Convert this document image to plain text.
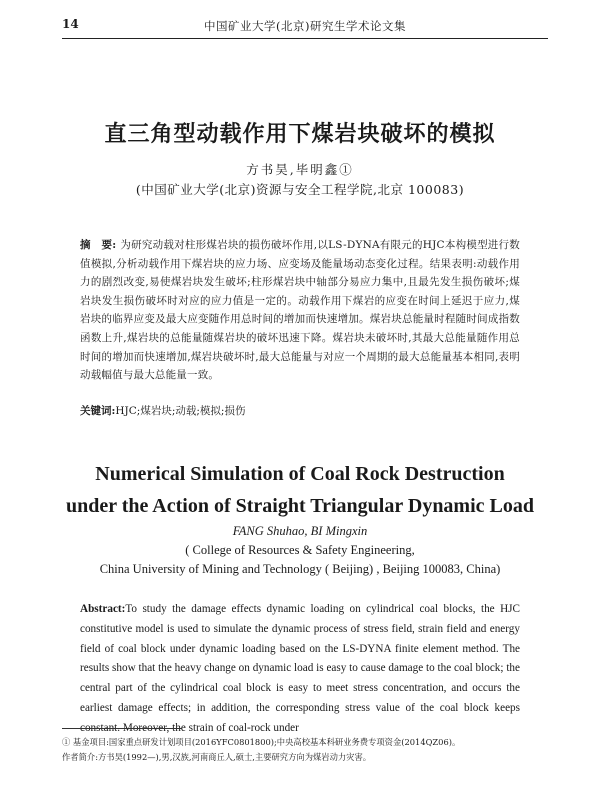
14	中国矿业大学(北京)研究生学术论文集
直三角型动载作用下煤岩块破坏的模拟
方书昊,毕明鑫①
(中国矿业大学(北京)资源与安全工程学院,北京 100083)
摘　要: 为研究动载对柱形煤岩块的损伤破坏作用,以LS-DYNA有限元的HJC本构模型进行数值模拟,分析动载作用下煤岩块的应力场、应变场及能量场动态变化过程。结果表明:动载作用力的剧烈改变,易使煤岩块发生破坏;柱形煤岩块中轴部分易应力集中,且最先发生损伤破坏;煤岩块发生损伤破坏时对应的应力值是一定的。动载作用下煤岩的应变在时间上延迟于应力,煤岩块的临界应变及最大应变随作用总时间的增加而快速增加。煤岩块总能量时程随时间成指数函数上升,煤岩块的总能量随煤岩块的破坏迅速下降。煤岩块未破坏时,其最大总能量随作用总时间的增加而快速增加,煤岩块破坏时,最大总能量与对应一个周期的最大总能量基本相同,表明动载幅值与最大总能量一致。
关键词:HJC;煤岩块;动载;模拟;损伤
Numerical Simulation of Coal Rock Destruction
under the Action of Straight Triangular Dynamic Load
FANG Shuhao, BI Mingxin
( College of Resources & Safety Engineering,
China University of Mining and Technology ( Beijing) , Beijing 100083, China)
Abstract:To study the damage effects dynamic loading on cylindrical coal blocks, the HJC constitutive model is used to simulate the dynamic process of stress field, strain field and energy field of coal block under dynamic loading based on the LS-DYNA finite element method. The results show that the heavy change on dynamic load is easy to cause damage to the coal block; the central part of the cylindrical coal block is easy to meet stress concentration, and occurs the earliest damage effects; in addition, the corresponding stress value of the coal block keeps constant. Moreover, the strain of coal-rock under
① 基金项目:国家重点研发计划项目(2016YFC0801800);中央高校基本科研业务费专项资金(2014QZ06)。
作者简介:方书昊(1992—),男,汉族,河南商丘人,硕士,主要研究方向为煤岩动力灾害。
